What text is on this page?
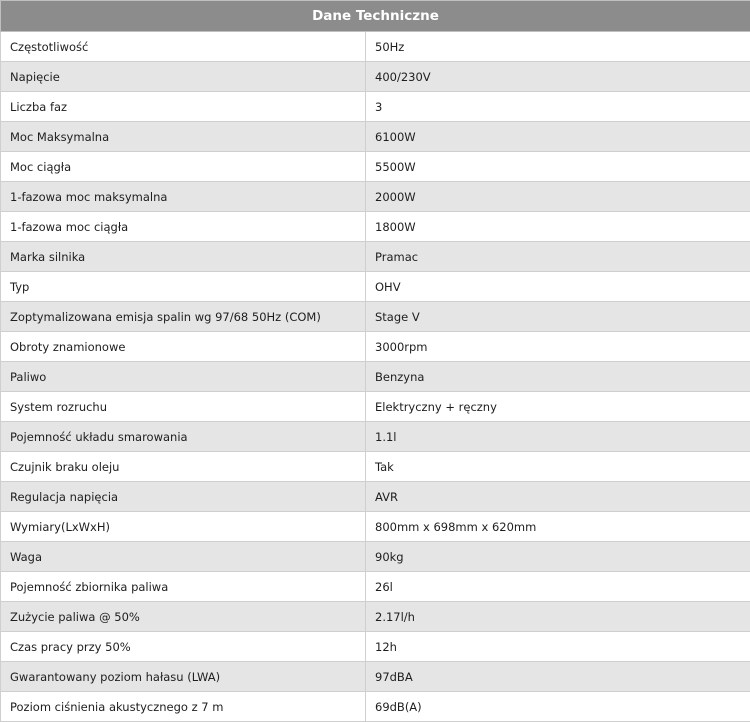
Dane Techniczne	
Częstotliwość	50Hz
Napięcie	400/230V
Liczba faz	3
Moc Maksymalna	6100W
Moc ciągła	5500W
1-fazowa moc maksymalna	2000W
1-fazowa moc ciągła	1800W
Marka silnika	Pramac
Typ	OHV
Zoptymalizowana emisja spalin wg 97/68 50Hz (COM)	Stage V
Obroty znamionowe	3000rpm
Paliwo	Benzyna
System rozruchu	Elektryczny + ręczny
Pojemność układu smarowania	1.1l
Czujnik braku oleju	Tak
Regulacja napięcia	AVR
Wymiary(LxWxH)	800mm x 698mm x 620mm
Waga	90kg
Pojemność zbiornika paliwa	26l
Zużycie paliwa @ 50%	2.17l/h
Czas pracy przy 50%	12h
Gwarantowany poziom hałasu (LWA)	97dBA
Poziom ciśnienia akustycznego z 7 m	69dB(A)
